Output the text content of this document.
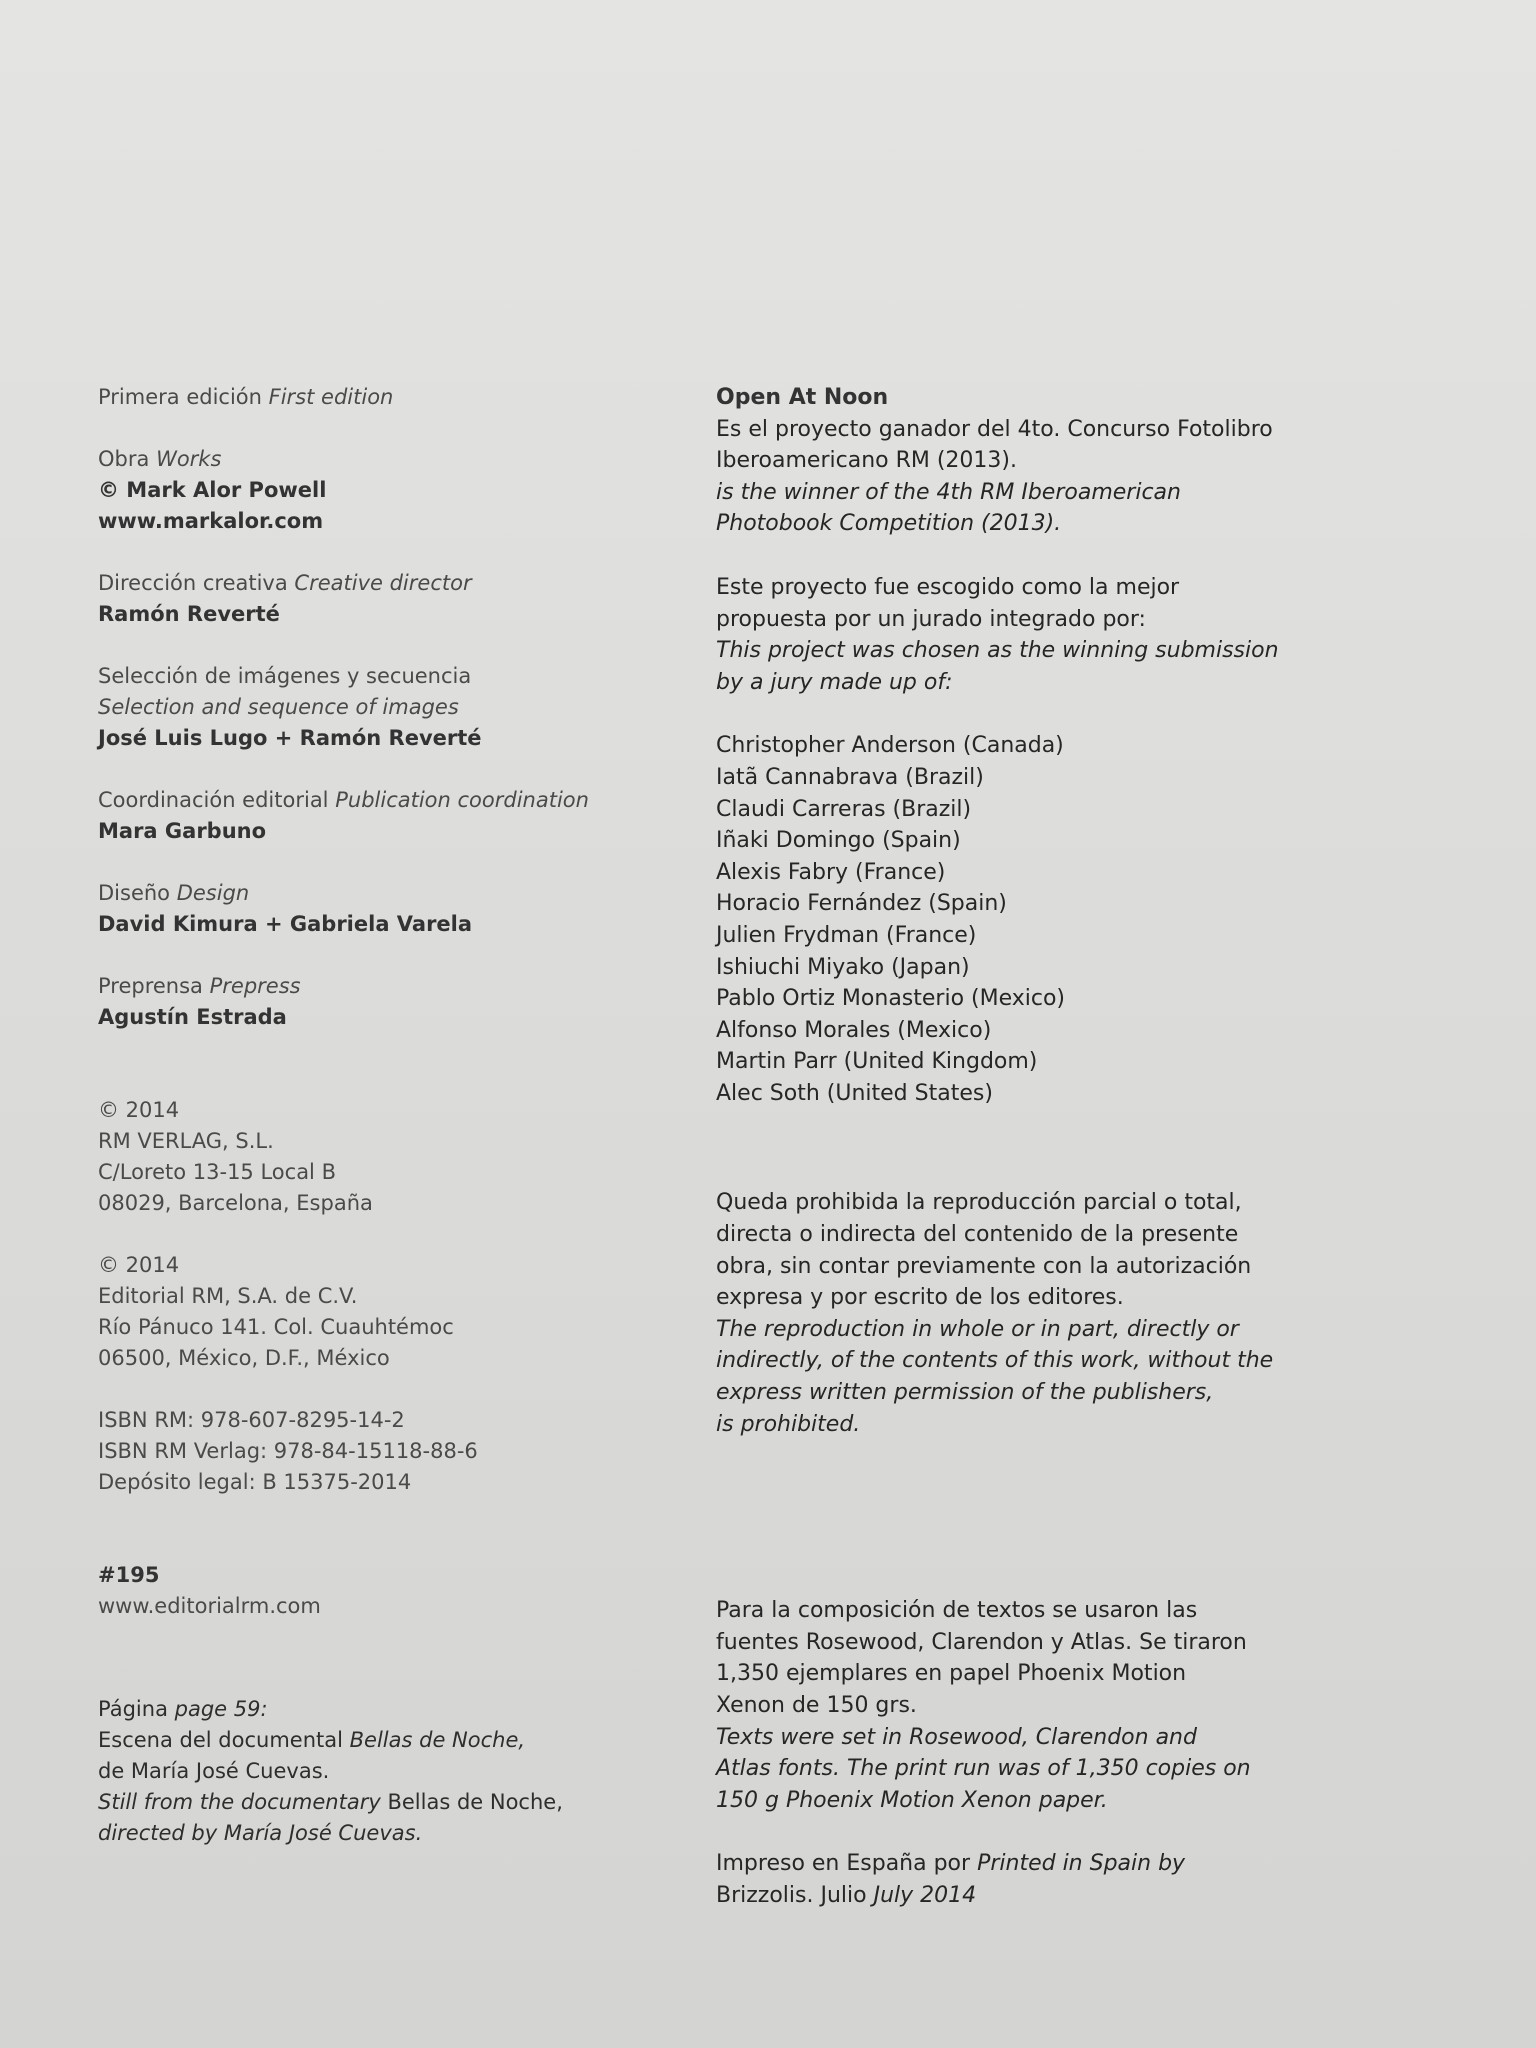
Primera edición First edition

Obra Works
© Mark Alor Powell
www.markalor.com

Dirección creativa Creative director
Ramón Reverté

Selección de imágenes y secuencia
Selection and sequence of images
José Luis Lugo + Ramón Reverté

Coordinación editorial Publication coordination
Mara Garbuno

Diseño Design
David Kimura + Gabriela Varela

Preprensa Prepress
Agustín Estrada

© 2014
RM VERLAG, S.L.
C/Loreto 13-15 Local B
08029, Barcelona, España

© 2014
Editorial RM, S.A. de C.V.
Río Pánuco 141. Col. Cuauhtémoc
06500, México, D.F., México

ISBN RM: 978-607-8295-14-2
ISBN RM Verlag: 978-84-15118-88-6
Depósito legal: B 15375-2014

#195
www.editorialrm.com

Página page 59:
Escena del documental Bellas de Noche,
de María José Cuevas.
Still from the documentary Bellas de Noche,
directed by María José Cuevas.

Open At Noon
Es el proyecto ganador del 4to. Concurso Fotolibro
Iberoamericano RM (2013).
is the winner of the 4th RM Iberoamerican
Photobook Competition (2013).

Este proyecto fue escogido como la mejor
propuesta por un jurado integrado por:
This project was chosen as the winning submission
by a jury made up of:

Christopher Anderson (Canada)
Iatã Cannabrava (Brazil)
Claudi Carreras (Brazil)
Iñaki Domingo (Spain)
Alexis Fabry (France)
Horacio Fernández (Spain)
Julien Frydman (France)
Ishiuchi Miyako (Japan)
Pablo Ortiz Monasterio (Mexico)
Alfonso Morales (Mexico)
Martin Parr (United Kingdom)
Alec Soth (United States)

Queda prohibida la reproducción parcial o total,
directa o indirecta del contenido de la presente
obra, sin contar previamente con la autorización
expresa y por escrito de los editores.
The reproduction in whole or in part, directly or
indirectly, of the contents of this work, without the
express written permission of the publishers,
is prohibited.

Para la composición de textos se usaron las
fuentes Rosewood, Clarendon y Atlas. Se tiraron
1,350 ejemplares en papel Phoenix Motion
Xenon de 150 grs.
Texts were set in Rosewood, Clarendon and
Atlas fonts. The print run was of 1,350 copies on
150 g Phoenix Motion Xenon paper.

Impreso en España por Printed in Spain by
Brizzolis. Julio July 2014
